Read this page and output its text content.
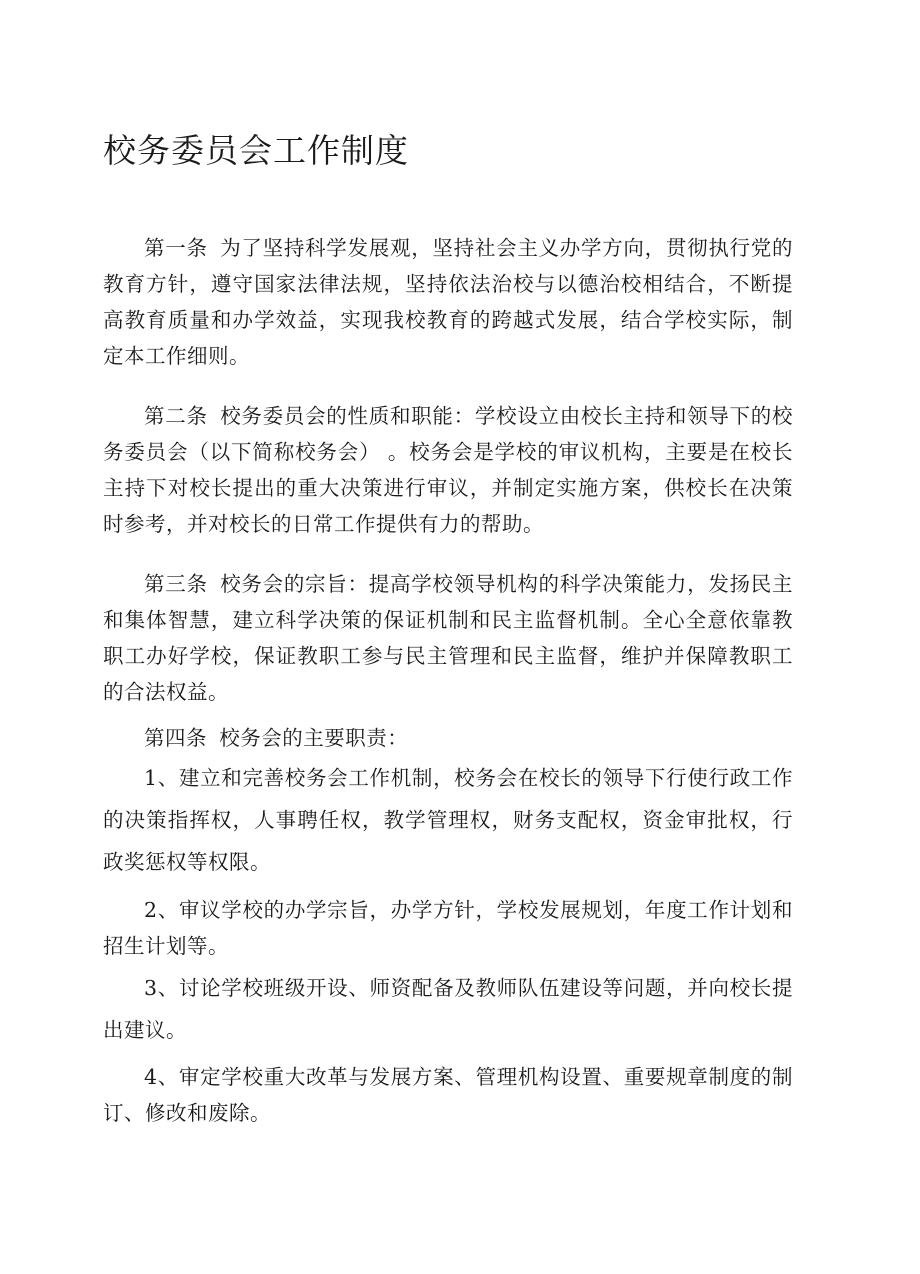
校务委员会工作制度

第一条 为了坚持科学发展观，坚持社会主义办学方向，贯彻执行党的教育方针，遵守国家法律法规，坚持依法治校与以德治校相结合，不断提高教育质量和办学效益，实现我校教育的跨越式发展，结合学校实际，制定本工作细则。

第二条 校务委员会的性质和职能：学校设立由校长主持和领导下的校务委员会（以下简称校务会） 。校务会是学校的审议机构，主要是在校长主持下对校长提出的重大决策进行审议，并制定实施方案，供校长在决策时参考，并对校长的日常工作提供有力的帮助。

第三条 校务会的宗旨：提高学校领导机构的科学决策能力，发扬民主和集体智慧，建立科学决策的保证机制和民主监督机制。全心全意依靠教职工办好学校，保证教职工参与民主管理和民主监督，维护并保障教职工的合法权益。

第四条 校务会的主要职责：

1、建立和完善校务会工作机制，校务会在校长的领导下行使行政工作的决策指挥权，人事聘任权，教学管理权，财务支配权，资金审批权，行政奖惩权等权限。

2、审议学校的办学宗旨，办学方针，学校发展规划，年度工作计划和招生计划等。

3、讨论学校班级开设、师资配备及教师队伍建设等问题，并向校长提出建议。

4、审定学校重大改革与发展方案、管理机构设置、重要规章制度的制订、修改和废除。
